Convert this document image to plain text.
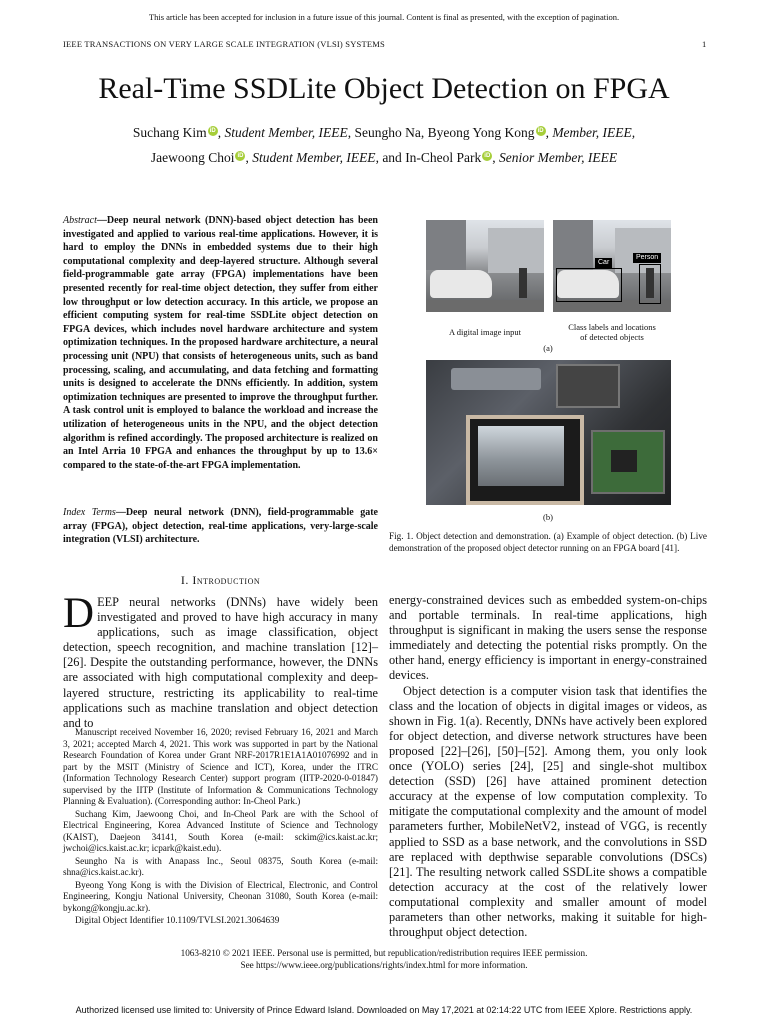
This article has been accepted for inclusion in a future issue of this journal. Content is final as presented, with the exception of pagination.
IEEE TRANSACTIONS ON VERY LARGE SCALE INTEGRATION (VLSI) SYSTEMS	1
Real-Time SSDLite Object Detection on FPGA
Suchang Kim iD , Student Member, IEEE, Seungho Na, Byeong Yong Kong iD , Member, IEEE,
Jaewoong Choi iD , Student Member, IEEE, and In-Cheol Park iD , Senior Member, IEEE
Abstract—Deep neural network (DNN)-based object detection has been investigated and applied to various real-time applications. However, it is hard to employ the DNNs in embedded systems due to their high computational complexity and deep-layered structure. Although several field-programmable gate array (FPGA) implementations have been presented recently for real-time object detection, they suffer from either low throughput or low detection accuracy. In this article, we propose an efficient computing system for real-time SSDLite object detection on FPGA devices, which includes novel hardware architecture and system optimization techniques. In the proposed hardware architecture, a neural processing unit (NPU) that consists of heterogeneous units, such as band processing, scaling, and accumulating, and data fetching and formatting units is designed to accelerate the DNNs efficiently. In addition, system optimization techniques are presented to improve the throughput further. A task control unit is employed to balance the workload and increase the utilization of heterogeneous units in the NPU, and the object detection algorithm is refined accordingly. The proposed architecture is realized on an Intel Arria 10 FPGA and enhances the throughput by up to 13.6× compared to the state-of-the-art FPGA implementation.
Index Terms—Deep neural network (DNN), field-programmable gate array (FPGA), object detection, real-time applications, very-large-scale integration (VLSI) architecture.
Car
Person
A digital image input	Class labels and locations
of detected objects
(a)
(b)
Fig. 1. Object detection and demonstration. (a) Example of object detection. (b) Live demonstration of the proposed object detector running on an FPGA board [41].
I. Introduction
DEEP neural networks (DNNs) have widely been investigated and proved to have high accuracy in many applications, such as image classification, object detection, speech recognition, and machine translation [12]–[26]. Despite the outstanding performance, however, the DNNs are associated with high computational complexity and deep-layered structure, restricting its applicability to real-time applications such as machine translation and object detection and to

Manuscript received November 16, 2020; revised February 16, 2021 and March 3, 2021; accepted March 4, 2021. This work was supported in part by the National Research Foundation of Korea under Grant NRF-2017R1E1A1A01076992 and in part by the MSIT (Ministry of Science and ICT), Korea, under the ITRC (Information Technology Research Center) support program (IITP-2020-0-01847) supervised by the IITP (Institute of Information & Communications Technology Planning & Evaluation). (Corresponding author: In-Cheol Park.)

Suchang Kim, Jaewoong Choi, and In-Cheol Park are with the School of Electrical Engineering, Korea Advanced Institute of Science and Technology (KAIST), Daejeon 34141, South Korea (e-mail: sckim@ics.kaist.ac.kr; jwchoi@ics.kaist.ac.kr; icpark@kaist.edu).

Seungho Na is with Anapass Inc., Seoul 08375, South Korea (e-mail: shna@ics.kaist.ac.kr).

Byeong Yong Kong is with the Division of Electrical, Electronic, and Control Engineering, Kongju National University, Cheonan 31080, South Korea (e-mail: bykong@kongju.ac.kr).

Digital Object Identifier 10.1109/TVLSI.2021.3064639

energy-constrained devices such as embedded system-on-chips and portable terminals. In real-time applications, high throughput is significant in making the users sense the response immediately and detecting the potential risks promptly. On the other hand, energy efficiency is important in energy-constrained devices.

Object detection is a computer vision task that identifies the class and the location of objects in digital images or videos, as shown in Fig. 1(a). Recently, DNNs have actively been explored for object detection, and diverse network structures have been proposed [22]–[26], [50]–[52]. Among them, you only look once (YOLO) series [24], [25] and single-shot multibox detection (SSD) [26] have attained prominent detection accuracy at the expense of low computation complexity. To mitigate the computational complexity and the amount of model parameters further, MobileNetV2, instead of VGG, is recently applied to SSD as a base network, and the convolutions in SSD are replaced with depthwise separable convolutions (DSCs) [21]. The resulting network called SSDLite shows a compatible detection accuracy at the cost of the relatively lower computational complexity and smaller amount of model parameters than other networks, making it suitable for high-throughput object detection.

1063-8210 © 2021 IEEE. Personal use is permitted, but republication/redistribution requires IEEE permission.
See https://www.ieee.org/publications/rights/index.html for more information.
Authorized licensed use limited to: University of Prince Edward Island. Downloaded on May 17,2021 at 02:14:22 UTC from IEEE Xplore. Restrictions apply.
